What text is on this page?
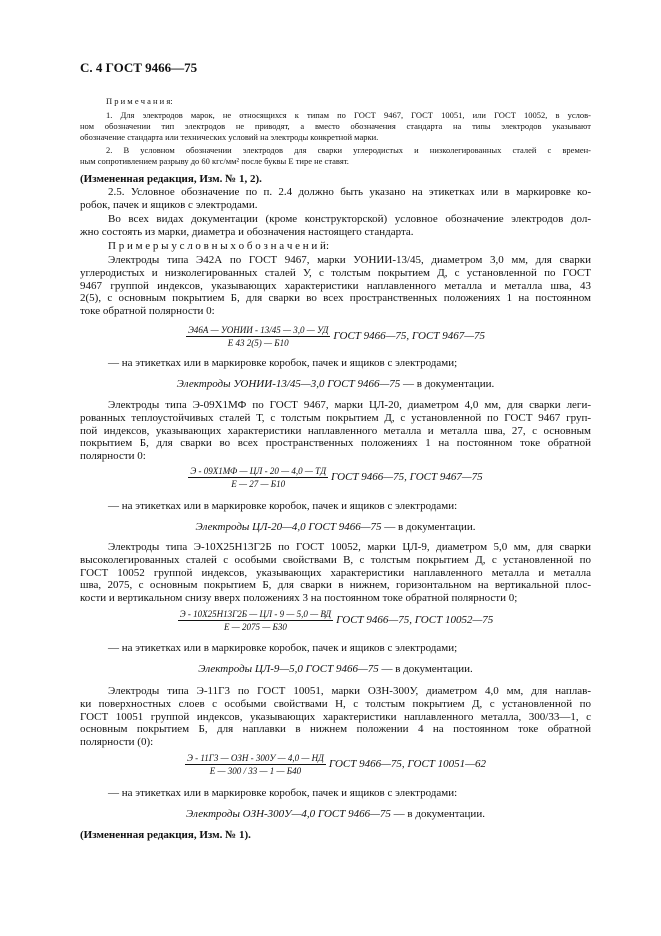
С. 4 ГОСТ 9466—75
П р и м е ч а н и я:
1. Для электродов марок, не относящихся к типам по ГОСТ 9467, ГОСТ 10051, или ГОСТ 10052, в услов-
ном обозначении тип электродов не приводят, а вместо обозначения стандарта на типы электродов указывают
обозначение стандарта или технических условий на электроды конкретной марки.
2. В условном обозначении электродов для сварки углеродистых и низколегированных сталей с времен-
ным сопротивлением разрыву до 60 кгс/мм² после буквы Е тире не ставят.
(Измененная редакция, Изм. № 1, 2).
2.5. Условное обозначение по п. 2.4 должно быть указано на этикетках или в маркировке ко-
робок, пачек и ящиков с электродами.
Во всех видах документации (кроме конструкторской) условное обозначение электродов дол-
жно состоять из марки, диаметра и обозначения настоящего стандарта.
П р и м е р ы у с л о в н ы х о б о з н а ч е н и й:
Электроды типа Э42А по ГОСТ 9467, марки УОНИИ-13/45, диаметром 3,0 мм, для сварки
углеродистых и низколегированных сталей У, с толстым покрытием Д, с установленной по ГОСТ
9467 группой индексов, указывающих характеристики наплавленного металла и металла шва, 43
2(5), с основным покрытием Б, для сварки во всех пространственных положениях 1 на постоянном
токе обратной полярности 0:
$\frac{\text{Э46А — УОНИИ - 13/45 — 3,0 — УД}}{Е 43 2(5) — Б10}$ ГОСТ 9466—75, ГОСТ 9467—75
— на этикетках или в маркировке коробок, пачек и ящиков с электродами;
Электроды УОНИИ-13/45—3,0 ГОСТ 9466—75 — в документации.
Электроды типа Э-09Х1МФ по ГОСТ 9467, марки ЦЛ-20, диаметром 4,0 мм, для сварки леги-
рованных теплоустойчивых сталей Т, с толстым покрытием Д, с установленной по ГОСТ 9467 груп-
пой индексов, указывающих характеристики наплавленного металла и металла шва, 27, с основным
покрытием Б, для сварки во всех пространственных положениях 1 на постоянном токе обратной
полярности 0:
$\frac{Э - 09Х1МФ — ЦЛ - 20 — 4,0 — ТД}{Е — 27 — Б10}$ ГОСТ 9466—75, ГОСТ 9467—75
— на этикетках или в маркировке коробок, пачек и ящиков с электродами:
Электроды ЦЛ-20—4,0 ГОСТ 9466—75 — в документации.
Электроды типа Э-10Х25Н13Г2Б по ГОСТ 10052, марки ЦЛ-9, диаметром 5,0 мм, для сварки
высоколегированных сталей с особыми свойствами В, с толстым покрытием Д, с установленной по
ГОСТ 10052 группой индексов, указывающих характеристики наплавленного металла и металла
шва, 2075, с основным покрытием Б, для сварки в нижнем, горизонтальном на вертикальной плос-
кости и вертикальном снизу вверх положениях 3 на постоянном токе обратной полярности 0;
$\frac{Э - 10Х25Н13Г2Б — ЦЛ - 9 — 5,0 — ВД}{Е — 2075 — Б30}$ ГОСТ 9466—75, ГОСТ 10052—75
— на этикетках или в маркировке коробок, пачек и ящиков с электродами;
Электроды ЦЛ-9—5,0 ГОСТ 9466—75 — в документации.
Электроды типа Э-11Г3 по ГОСТ 10051, марки ОЗН-300У, диаметром 4,0 мм, для наплав-
ки поверхностных слоев с особыми свойствами Н, с толстым покрытием Д, с установленной по
ГОСТ 10051 группой индексов, указывающих характеристики наплавленного металла, 300/33—1, с
основным покрытием Б, для наплавки в нижнем положении 4 на постоянном токе обратной
полярности (0):
$\frac{\text{Э - 11Г3 — ОЗН - 300У — 4,0 — НД}}{Е — 300 / 33 — 1 — Б40}$ ГОСТ 9466—75, ГОСТ 10051—62
— на этикетках или в маркировке коробок, пачек и ящиков с электродами:
Электроды ОЗН-300У—4,0 ГОСТ 9466—75 — в документации.
(Измененная редакция, Изм. № 1).
